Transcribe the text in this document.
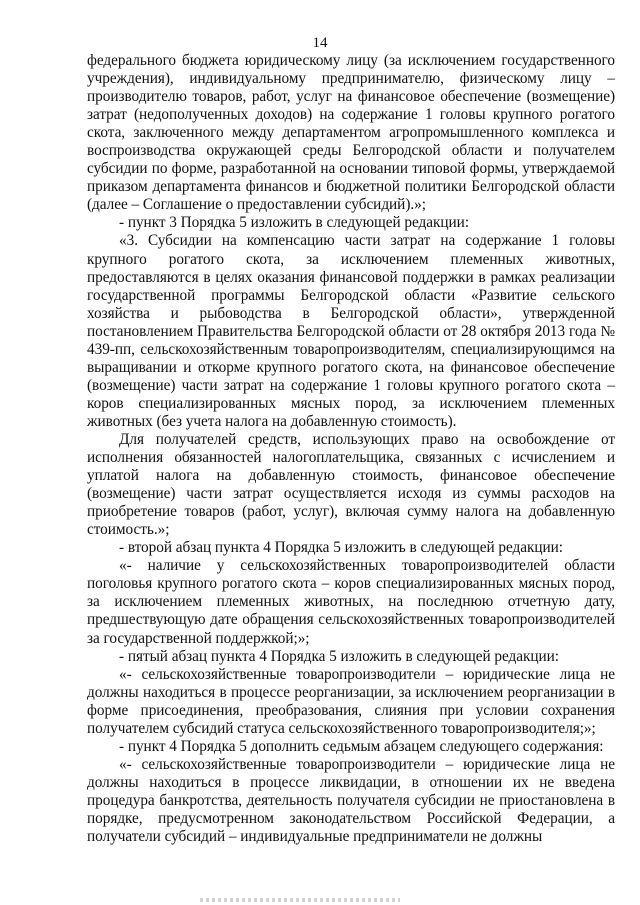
14

федерального бюджета юридическому лицу (за исключением государственного учреждения), индивидуальному предпринимателю, физическому лицу – производителю товаров, работ, услуг на финансовое обеспечение (возмещение) затрат (недополученных доходов) на содержание 1 головы крупного рогатого скота, заключенного между департаментом агропромышленного комплекса и воспроизводства окружающей среды Белгородской области и получателем субсидии по форме, разработанной на основании типовой формы, утверждаемой приказом департамента финансов и бюджетной политики Белгородской области (далее – Соглашение о предоставлении субсидий).»;

- пункт 3 Порядка 5 изложить в следующей редакции:

«3. Субсидии на компенсацию части затрат на содержание 1 головы крупного рогатого скота, за исключением племенных животных, предоставляются в целях оказания финансовой поддержки в рамках реализации государственной программы Белгородской области «Развитие сельского хозяйства и рыбоводства в Белгородской области», утвержденной постановлением Правительства Белгородской области от 28 октября 2013 года № 439-пп, сельскохозяйственным товаропроизводителям, специализирующимся на выращивании и откорме крупного рогатого скота, на финансовое обеспечение (возмещение) части затрат на содержание 1 головы крупного рогатого скота – коров специализированных мясных пород, за исключением племенных животных (без учета налога на добавленную стоимость).

Для получателей средств, использующих право на освобождение от исполнения обязанностей налогоплательщика, связанных с исчислением и уплатой налога на добавленную стоимость, финансовое обеспечение (возмещение) части затрат осуществляется исходя из суммы расходов на приобретение товаров (работ, услуг), включая сумму налога на добавленную стоимость.»;

- второй абзац пункта 4 Порядка 5 изложить в следующей редакции:

«- наличие у сельскохозяйственных товаропроизводителей области поголовья крупного рогатого скота – коров специализированных мясных пород, за исключением племенных животных, на последнюю отчетную дату, предшествующую дате обращения сельскохозяйственных товаропроизводителей за государственной поддержкой;»;

- пятый абзац пункта 4 Порядка 5 изложить в следующей редакции:

«- сельскохозяйственные товаропроизводители – юридические лица не должны находиться в процессе реорганизации, за исключением реорганизации в форме присоединения, преобразования, слияния при условии сохранения получателем субсидий статуса сельскохозяйственного товаропроизводителя;»;

- пункт 4 Порядка 5 дополнить седьмым абзацем следующего содержания:

«- сельскохозяйственные товаропроизводители – юридические лица не должны находиться в процессе ликвидации, в отношении их не введена процедура банкротства, деятельность получателя субсидии не приостановлена в порядке, предусмотренном законодательством Российской Федерации, а получатели субсидий – индивидуальные предприниматели не должны
